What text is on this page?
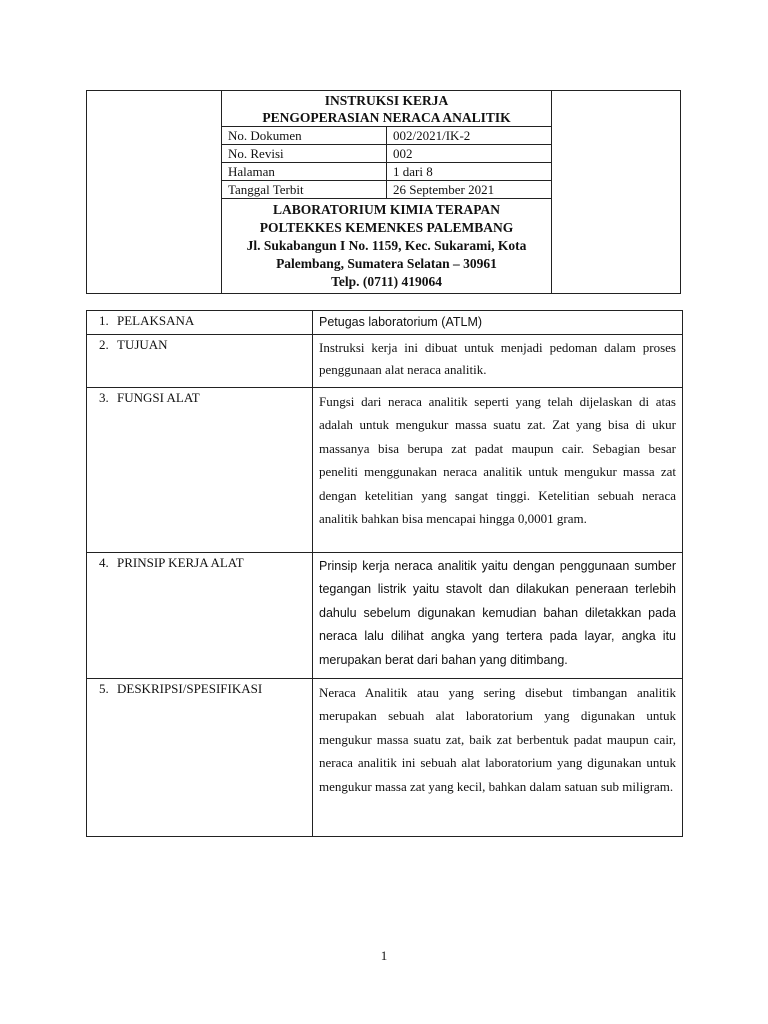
	INSTRUKSI KERJA
PENGOPERASIAN NERACA ANALITIK		

	No. Dokumen	002/2021/IK-2	
	No. Revisi	002	
	Halaman	1 dari 8	
	Tanggal Terbit	26 September 2021	

	LABORATORIUM KIMIA TERAPAN
POLTEKKES KEMENKES PALEMBANG
Jl. Sukabangun I No. 1159, Kec. Sukarami, Kota
Palembang, Sumatera Selatan – 30961
Telp. (0711) 419064		
1. PELAKSANA	Petugas laboratorium (ATLM)
2. TUJUAN	Instruksi kerja ini dibuat untuk menjadi pedoman dalam proses penggunaan alat neraca analitik.
3. FUNGSI ALAT	Fungsi dari neraca analitik seperti yang telah dijelaskan di atas adalah untuk mengukur massa suatu zat. Zat yang bisa di ukur massanya bisa berupa zat padat maupun cair. Sebagian besar peneliti menggunakan neraca analitik untuk mengukur massa zat dengan ketelitian yang sangat tinggi. Ketelitian sebuah neraca analitik bahkan bisa mencapai hingga 0,0001 gram.
4. PRINSIP KERJA ALAT	Prinsip kerja neraca analitik yaitu dengan penggunaan sumber tegangan listrik yaitu stavolt dan dilakukan peneraan terlebih dahulu sebelum digunakan kemudian bahan diletakkan pada neraca lalu dilihat angka yang tertera pada layar, angka itu merupakan berat dari bahan yang ditimbang.
5. DESKRIPSI/SPESIFIKASI	Neraca Analitik atau yang sering disebut timbangan analitik merupakan sebuah alat laboratorium yang digunakan untuk mengukur massa suatu zat, baik zat berbentuk padat maupun cair, neraca analitik ini sebuah alat laboratorium yang digunakan untuk mengukur massa zat yang kecil, bahkan dalam satuan sub miligram.
1
